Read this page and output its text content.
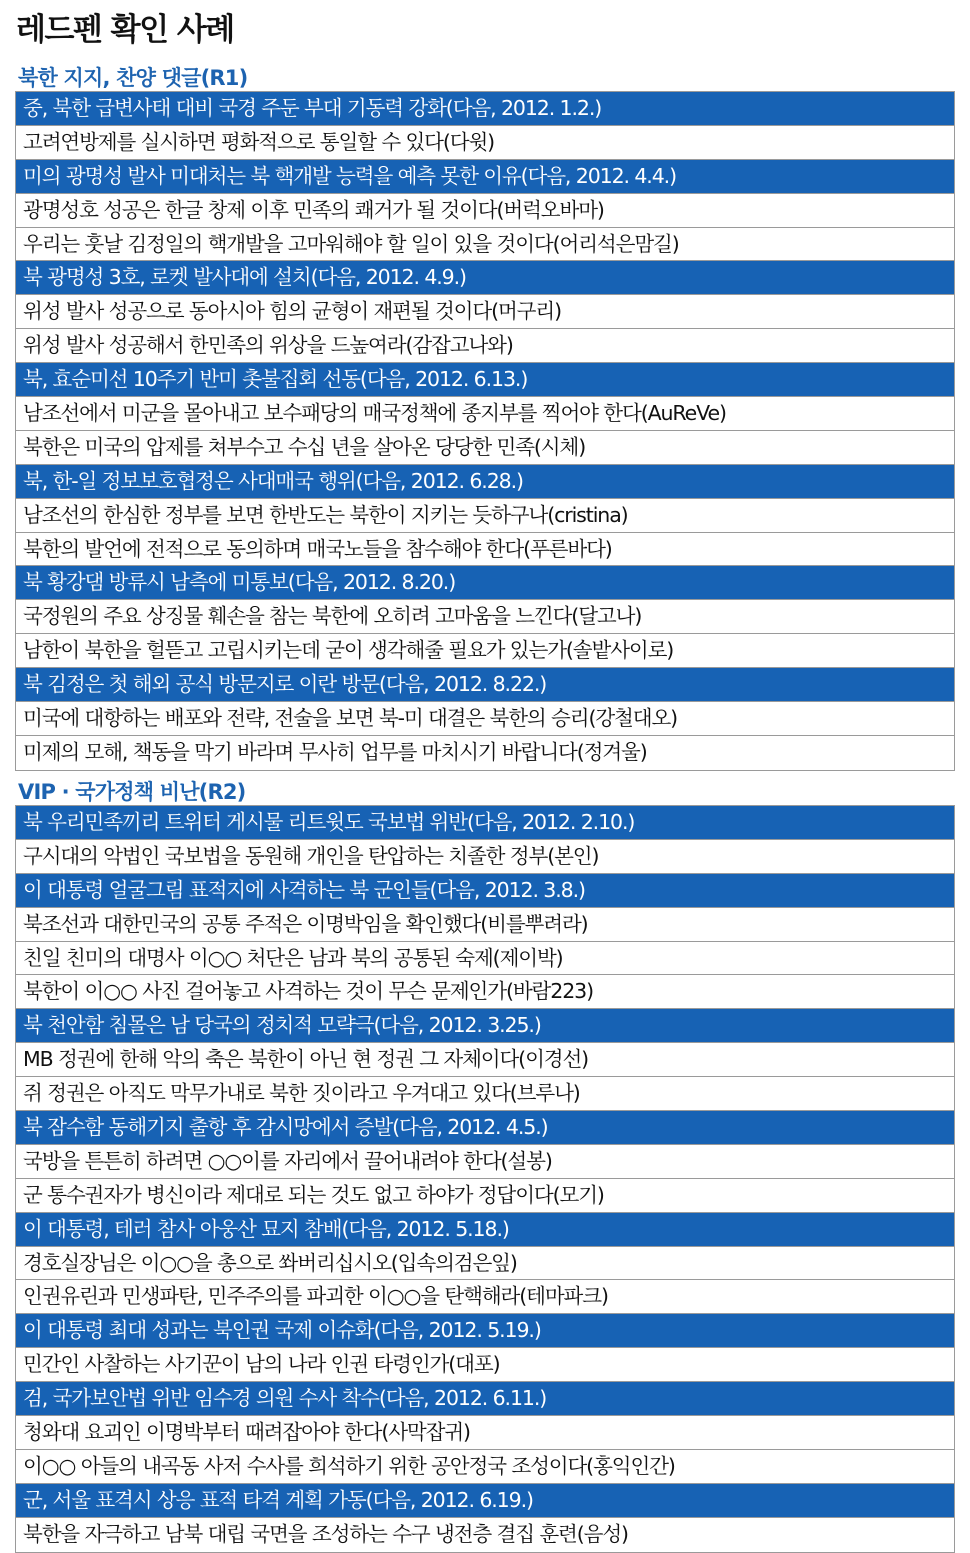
레드펜 확인 사례
북한 지지, 찬양 댓글(R1)
중, 북한 급변사태 대비 국경 주둔 부대 기동력 강화(다음, 2012. 1.2.)
고려연방제를 실시하면 평화적으로 통일할 수 있다(다윗)
미의 광명성 발사 미대처는 북 핵개발 능력을 예측 못한 이유(다음, 2012. 4.4.)
광명성호 성공은 한글 창제 이후 민족의 쾌거가 될 것이다(버럭오바마)
우리는 훗날 김정일의 핵개발을 고마워해야 할 일이 있을 것이다(어리석은맘길)
북 광명성 3호, 로켓 발사대에 설치(다음, 2012. 4.9.)
위성 발사 성공으로 동아시아 힘의 균형이 재편될 것이다(머구리)
위성 발사 성공해서 한민족의 위상을 드높여라(감잡고나와)
북, 효순미선 10주기 반미 촛불집회 선동(다음, 2012. 6.13.)
남조선에서 미군을 몰아내고 보수패당의 매국정책에 종지부를 찍어야 한다(AuReVe)
북한은 미국의 압제를 쳐부수고 수십 년을 살아온 당당한 민족(시체)
북, 한-일 정보보호협정은 사대매국 행위(다음, 2012. 6.28.)
남조선의 한심한 정부를 보면 한반도는 북한이 지키는 듯하구나(cristina)
북한의 발언에 전적으로 동의하며 매국노들을 참수해야 한다(푸른바다)
북 황강댐 방류시 남측에 미통보(다음, 2012. 8.20.)
국정원의 주요 상징물 훼손을 참는 북한에 오히려 고마움을 느낀다(달고나)
남한이 북한을 헐뜯고 고립시키는데 굳이 생각해줄 필요가 있는가(솔밭사이로)
북 김정은 첫 해외 공식 방문지로 이란 방문(다음, 2012. 8.22.)
미국에 대항하는 배포와 전략, 전술을 보면 북-미 대결은 북한의 승리(강철대오)
미제의 모해, 책동을 막기 바라며 무사히 업무를 마치시기 바랍니다(정겨울)
VIP · 국가정책 비난(R2)
북 우리민족끼리 트위터 게시물 리트윗도 국보법 위반(다음, 2012. 2.10.)
구시대의 악법인 국보법을 동원해 개인을 탄압하는 치졸한 정부(본인)
이 대통령 얼굴그림 표적지에 사격하는 북 군인들(다음, 2012. 3.8.)
북조선과 대한민국의 공통 주적은 이명박임을 확인했다(비를뿌려라)
친일 친미의 대명사 이○○ 처단은 남과 북의 공통된 숙제(제이박)
북한이 이○○ 사진 걸어놓고 사격하는 것이 무슨 문제인가(바람223)
북 천안함 침몰은 남 당국의 정치적 모략극(다음, 2012. 3.25.)
MB 정권에 한해 악의 축은 북한이 아닌 현 정권 그 자체이다(이경선)
쥐 정권은 아직도 막무가내로 북한 짓이라고 우겨대고 있다(브루나)
북 잠수함 동해기지 출항 후 감시망에서 증발(다음, 2012. 4.5.)
국방을 튼튼히 하려면 ○○이를 자리에서 끌어내려야 한다(설봉)
군 통수권자가 병신이라 제대로 되는 것도 없고 하야가 정답이다(모기)
이 대통령, 테러 참사 아웅산 묘지 참배(다음, 2012. 5.18.)
경호실장님은 이○○을 총으로 쏴버리십시오(입속의검은잎)
인권유린과 민생파탄, 민주주의를 파괴한 이○○을 탄핵해라(테마파크)
이 대통령 최대 성과는 북인권 국제 이슈화(다음, 2012. 5.19.)
민간인 사찰하는 사기꾼이 남의 나라 인권 타령인가(대포)
검, 국가보안법 위반 임수경 의원 수사 착수(다음, 2012. 6.11.)
청와대 요괴인 이명박부터 때려잡아야 한다(사막잡귀)
이○○ 아들의 내곡동 사저 수사를 희석하기 위한 공안정국 조성이다(홍익인간)
군, 서울 표격시 상응 표적 타격 계획 가동(다음, 2012. 6.19.)
북한을 자극하고 남북 대립 국면을 조성하는 수구 냉전층 결집 훈련(음성)
